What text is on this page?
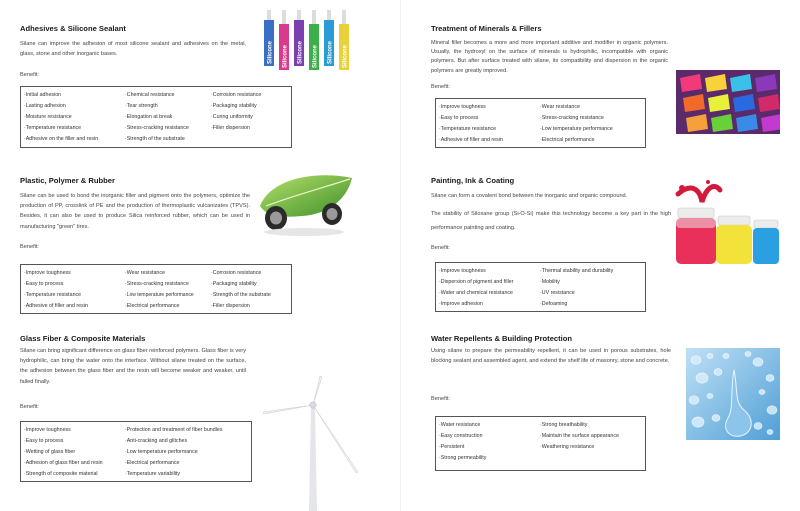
Adhesives & Silicone Sealant
Silane can improve the adhesion of most silicone sealant and adhesives on the metal, glass, stone and other inorganic bases.
Benefit:
· Initial adhesion	· Chemical resistance	· Corrosion resistance
· Lasting adhesion	· Tear strength	· Packaging stability
· Moisture resistance	· Elongation at break	· Curing uniformity
· Temperature resistance	· Stress-cracking resistance	· Filler dispersion
· Adhesive on the filler and resin	· Strength of the substrate
Silicone Silicone Silicone Silicone Silicone Silicone
Plastic, Polymer & Rubber
Silane can be used to bond the inorganic filler and pigment onto the polymers, optimize the production of PP, crosslink of PE and the production of thermoplastic vulcanizates (TPVS). Besides, it can also be used to produce Silica reinforced rubber, which can be used in manufacturing "green" tires.
Benefit:
· Improve toughness	· Wear resistance	· Corrosion resistance
· Easy to process	· Stress-cracking resistance	· Packaging stability
· Temperature resistance	· Low temperature performance	· Strength of the substrate
· Adhesive of filler and resin	· Electrical performance	· Filler dispersion
Glass Fiber & Composite Materials
Silane can bring significant difference on glass fiber reinforced polymers. Glass fiber is very hydrophilic, can bring the water onto the interface. Without silane treated on the surface, the adhesion between the glass fiber and the resin will become weaker and weaker, until failed finally.
Benefit:
· Improve toughness	· Protection and treatment of fiber bundles
· Easy to process	· Anti-cracking and glitches
· Wetting of glass fiber	· Low temperature performance
· Adhesion of glass fiber and resin	· Electrical performance
· Strength of composite material	· Temperature variability
Treatment of Minerals & Fillers
Mineral filler becomes a more and more important additive and modifier in organic polymers. Usually, the hydroxyl on the surface of minerals is hydrophilic, incompatible with organic polymers. But after surface treated with silane, its compatibility and dispersion in the organic polymers are greatly improved.
Benefit:
· Improve toughness	· Wear resistance
· Easy to process	· Stress-cracking resistance
· Temperature resistance	· Low temperature performance
· Adhesive of filler and resin	· Electrical performance
Painting, Ink & Coating
Silane can form a covalent bond between the inorganic and organic compound.
The stability of Siloxane group (Si-O-Si) make this technology become a key part in the high performance painting and coating.
Benefit:
· Improve toughness	· Thermal stability and durability
· Dispersion of pigment and filler	· Mobility
· Water and chemical resistance	· UV resistance
· Improve adhesion	· Defoaming
Water Repellents & Building Protection
Using silane to prepare the permeability repellent, it can be used in porous substrates, hole blocking sealant and assembled agent, and extend the shelf life of masonry, stone and concrete.
Benefit:
· Water resistance	· Strong breathability
· Easy construction	· Maintain the surface appearance
· Persistent	· Weathering resistance
· Strong permeability
